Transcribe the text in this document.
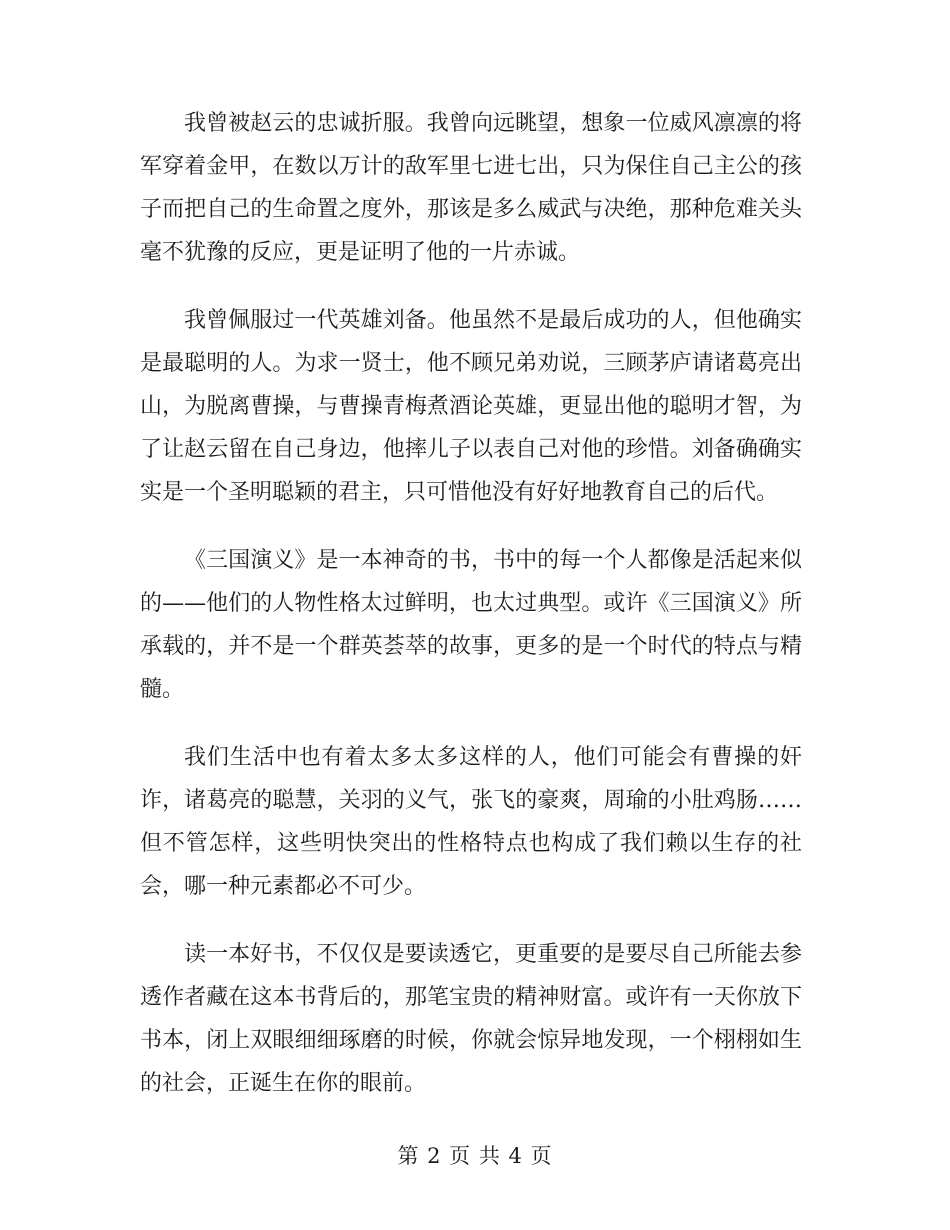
我曾被赵云的忠诚折服。我曾向远眺望，想象一位威风凛凛的将军穿着金甲，在数以万计的敌军里七进七出，只为保住自己主公的孩子而把自己的生命置之度外，那该是多么威武与决绝，那种危难关头毫不犹豫的反应，更是证明了他的一片赤诚。

我曾佩服过一代英雄刘备。他虽然不是最后成功的人，但他确实是最聪明的人。为求一贤士，他不顾兄弟劝说，三顾茅庐请诸葛亮出山，为脱离曹操，与曹操青梅煮酒论英雄，更显出他的聪明才智，为了让赵云留在自己身边，他摔儿子以表自己对他的珍惜。刘备确确实实是一个圣明聪颖的君主，只可惜他没有好好地教育自己的后代。

《三国演义》是一本神奇的书，书中的每一个人都像是活起来似的——他们的人物性格太过鲜明，也太过典型。或许《三国演义》所承载的，并不是一个群英荟萃的故事，更多的是一个时代的特点与精髓。

我们生活中也有着太多太多这样的人，他们可能会有曹操的奸诈，诸葛亮的聪慧，关羽的义气，张飞的豪爽，周瑜的小肚鸡肠……但不管怎样，这些明快突出的性格特点也构成了我们赖以生存的社会，哪一种元素都必不可少。

读一本好书，不仅仅是要读透它，更重要的是要尽自己所能去参透作者藏在这本书背后的，那笔宝贵的精神财富。或许有一天你放下书本，闭上双眼细细琢磨的时候，你就会惊异地发现，一个栩栩如生的社会，正诞生在你的眼前。

第 2 页 共 4 页
